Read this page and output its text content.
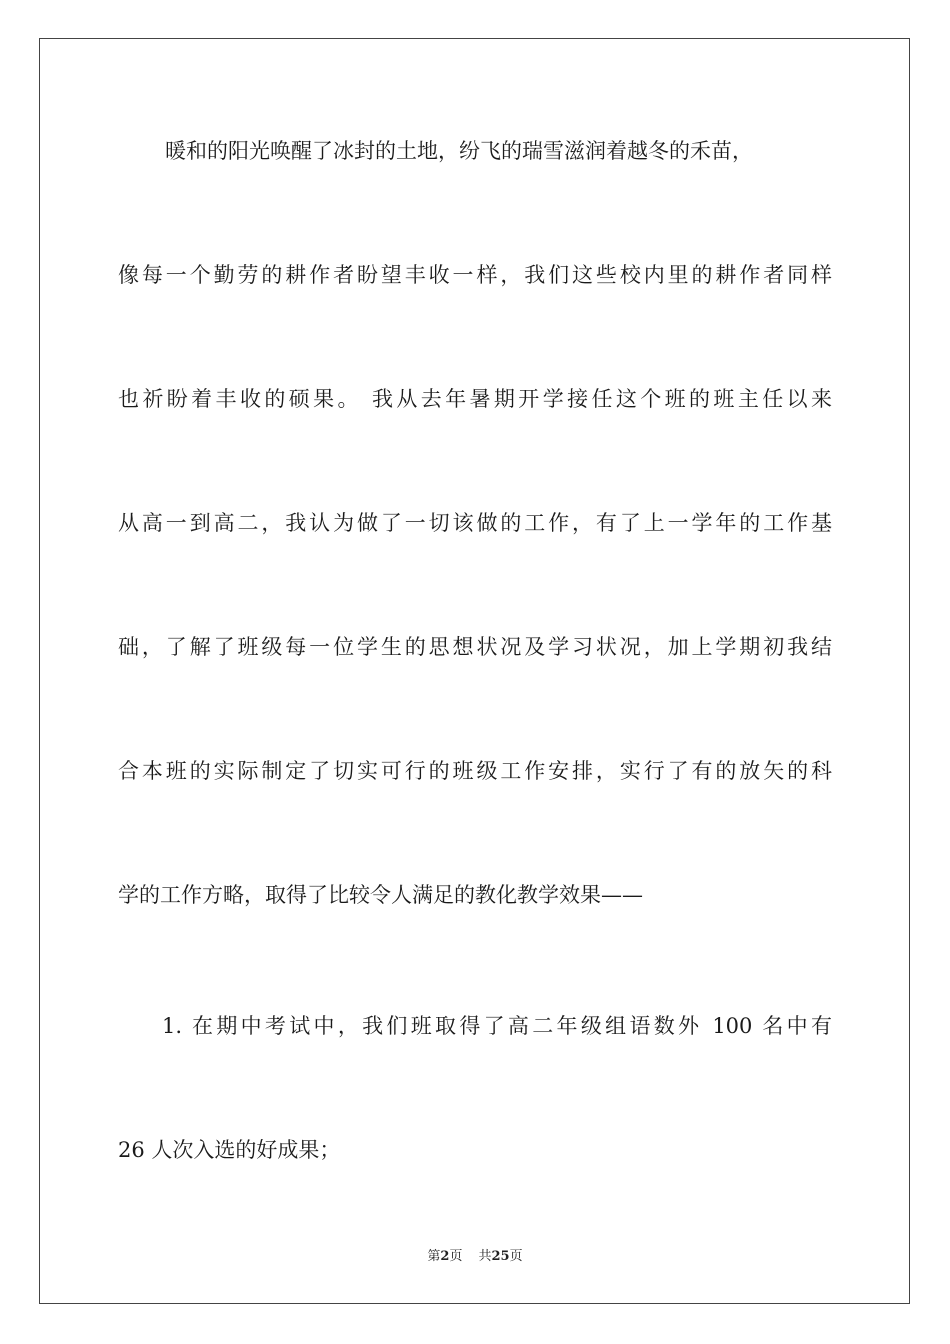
暖和的阳光唤醒了冰封的土地，纷飞的瑞雪滋润着越冬的禾苗，
像每一个勤劳的耕作者盼望丰收一样，我们这些校内里的耕作者同样
也祈盼着丰收的硕果。 我从去年暑期开学接任这个班的班主任以来
从高一到高二，我认为做了一切该做的工作，有了上一学年的工作基
础，了解了班级每一位学生的思想状况及学习状况，加上学期初我结
合本班的实际制定了切实可行的班级工作安排，实行了有的放矢的科
学的工作方略，取得了比较令人满足的教化教学效果——
1. 在期中考试中，我们班取得了高二年级组语数外 100 名中有
26 人次入选的好成果；
第2页 共25页
